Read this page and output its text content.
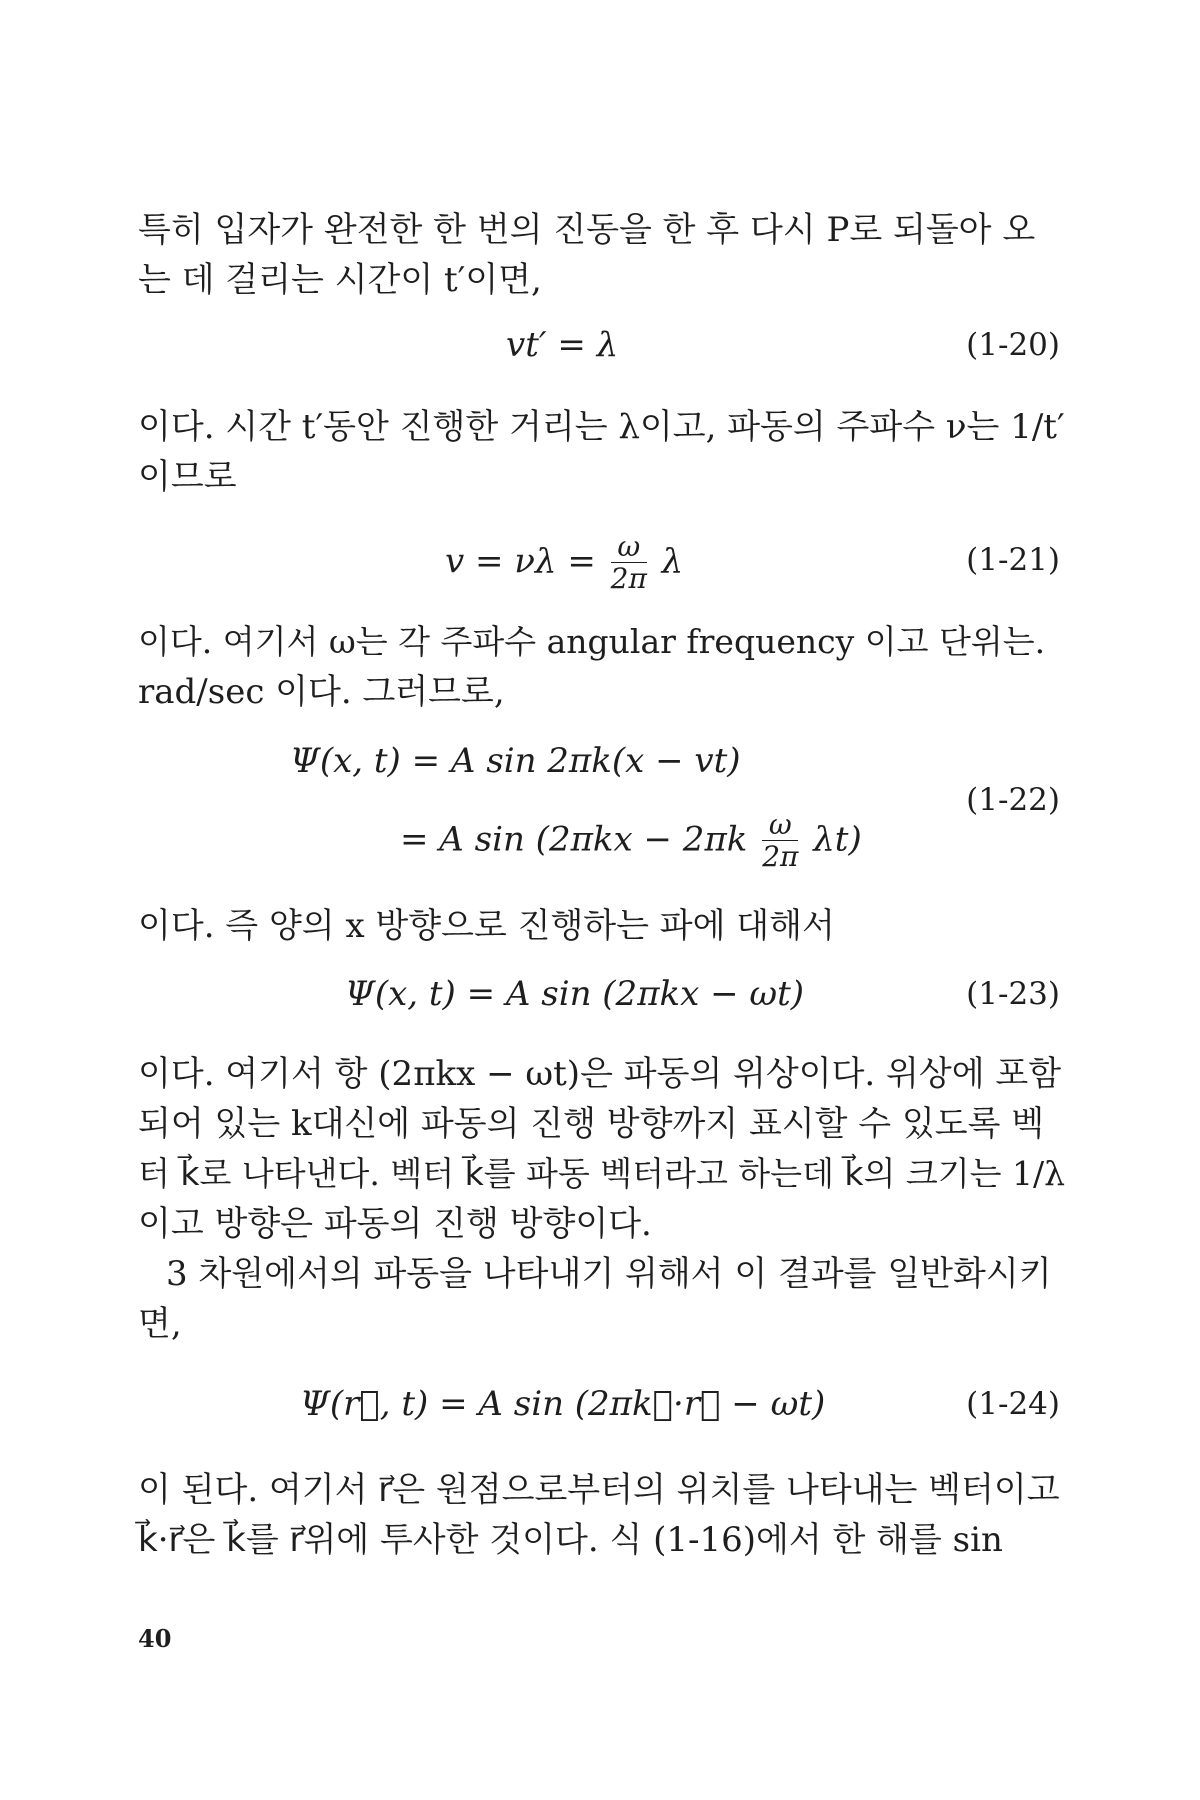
특히 입자가 완전한 한 번의 진동을 한 후 다시 P로 되돌아 오
는 데 걸리는 시간이 t′이면,
vt′ = λ	(1-20)
이다. 시간 t′동안 진행한 거리는 λ이고, 파동의 주파수 ν는 1/t′
이므로
$v = \nu\lambda = \frac{\omega}{2\pi}$ λ	(1-21)
이다. 여기서 ω는 각 주파수 angular frequency 이고 단위는.
rad/sec 이다. 그러므로,
Ψ(x, t) = A sin 2πk(x − vt)
= A $\sin (2\pi kx - 2\pi k \frac{\omega}{2\pi} \lambda t)$
(1-22)
이다. 즉 양의 x 방향으로 진행하는 파에 대해서
Ψ(x, t) = A sin (2πkx − ωt)	(1-23)
이다. 여기서 항 (2πkx − ωt)은 파동의 위상이다. 위상에 포함
되어 있는 k대신에 파동의 진행 방향까지 표시할 수 있도록 벡
터 k⃗로 나타낸다. 벡터 k⃗를 파동 벡터라고 하는데 k⃗의 크기는 1/λ
이고 방향은 파동의 진행 방향이다.
3 차원에서의 파동을 나타내기 위해서 이 결과를 일반화시키
면,
Ψ(r⃗, t) = A sin (2πk⃗·r⃗ − ωt)	(1-24)
이 된다. 여기서 r⃗은 원점으로부터의 위치를 나타내는 벡터이고
k⃗·r⃗은 k⃗를 r⃗위에 투사한 것이다. 식 (1-16)에서 한 해를 sin
40
